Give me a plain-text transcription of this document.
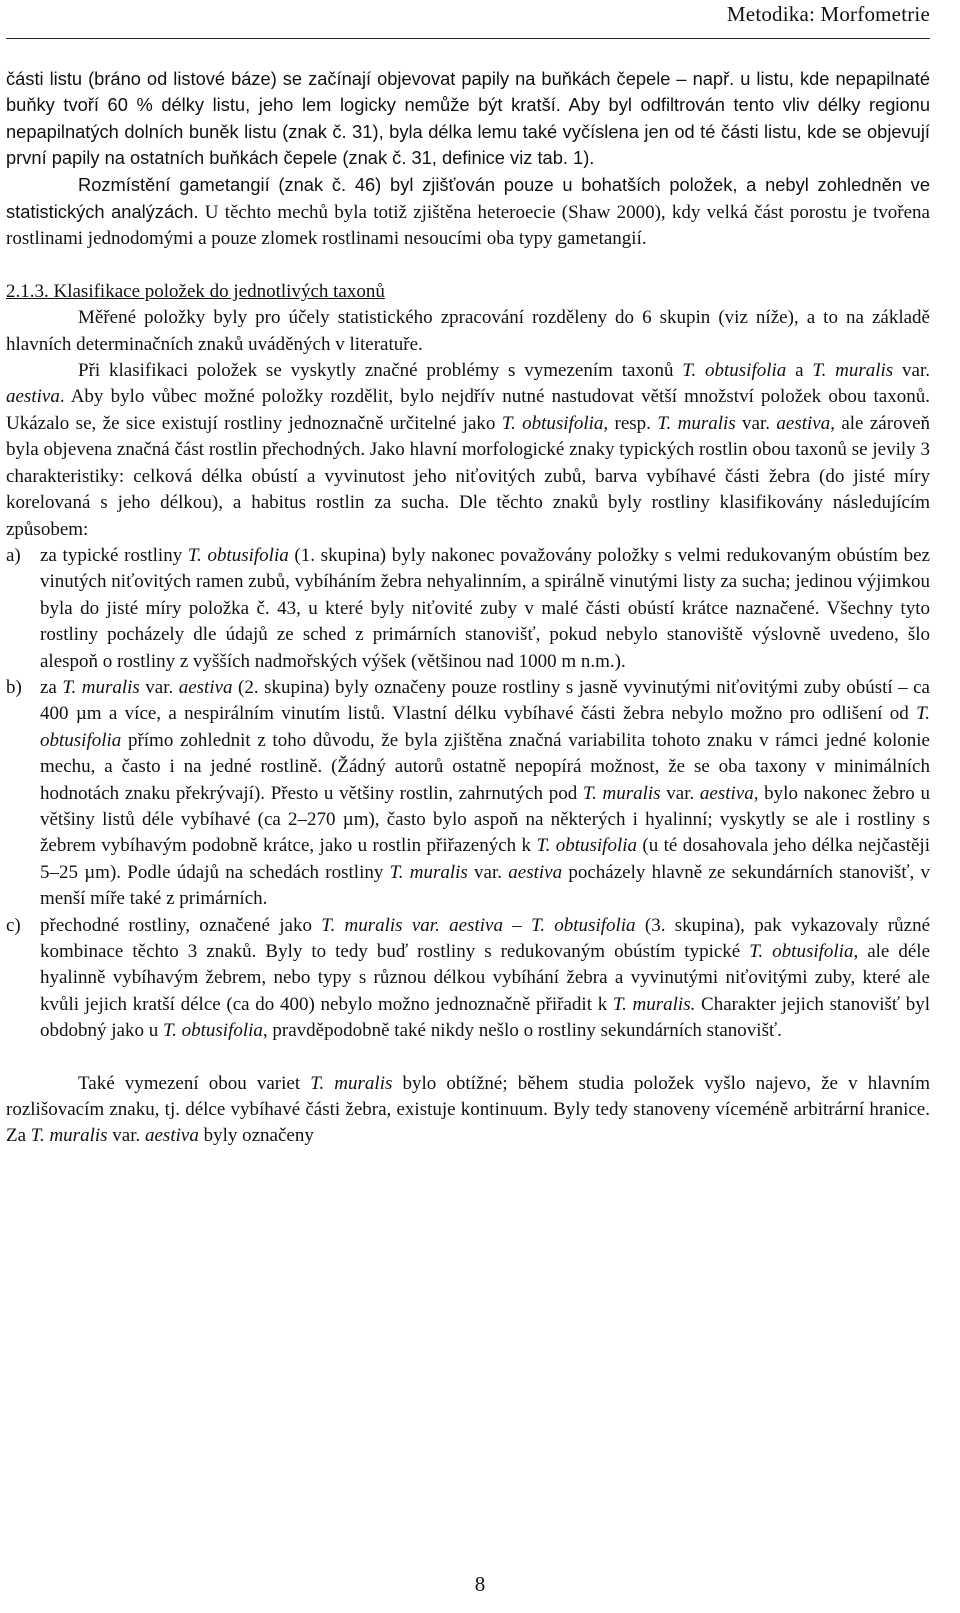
Metodika: Morfometrie

části listu (bráno od listové báze) se začínají objevovat papily na buňkách čepele – např. u listu, kde nepapilnaté buňky tvoří 60 % délky listu, jeho lem logicky nemůže být kratší. Aby byl odfiltrován tento vliv délky regionu nepapilnatých dolních buněk listu (znak č. 31), byla délka lemu také vyčíslena jen od té části listu, kde se objevují první papily na ostatních buňkách čepele (znak č. 31, definice viz tab. 1).

Rozmístění gametangií (znak č. 46) byl zjišťován pouze u bohatších položek, a nebyl zohledněn ve statistických analýzách. U těchto mechů byla totiž zjištěna heteroecie (Shaw 2000), kdy velká část porostu je tvořena rostlinami jednodomými a pouze zlomek rostlinami nesoucími oba typy gametangií.

2.1.3. Klasifikace položek do jednotlivých taxonů

Měřené položky byly pro účely statistického zpracování rozděleny do 6 skupin (viz níže), a to na základě hlavních determinačních znaků uváděných v literatuře.

Při klasifikaci položek se vyskytly značné problémy s vymezením taxonů T. obtusifolia a T. muralis var. aestiva. Aby bylo vůbec možné položky rozdělit, bylo nejdřív nutné nastudovat větší množství položek obou taxonů. Ukázalo se, že sice existují rostliny jednoznačně určitelné jako T. obtusifolia, resp. T. muralis var. aestiva, ale zároveň byla objevena značná část rostlin přechodných. Jako hlavní morfologické znaky typických rostlin obou taxonů se jevily 3 charakteristiky: celková délka obústí a vyvinutost jeho niťovitých zubů, barva vybíhavé části žebra (do jisté míry korelovaná s jeho délkou), a habitus rostlin za sucha. Dle těchto znaků byly rostliny klasifikovány následujícím způsobem:

a)	za typické rostliny T. obtusifolia (1. skupina) byly nakonec považovány položky s velmi redukovaným obústím bez vinutých niťovitých ramen zubů, vybíháním žebra nehyalinním, a spirálně vinutými listy za sucha; jedinou výjimkou byla do jisté míry položka č. 43, u které byly niťovité zuby v malé části obústí krátce naznačené. Všechny tyto rostliny pocházely dle údajů ze sched z primárních stanovišť, pokud nebylo stanoviště výslovně uvedeno, šlo alespoň o rostliny z vyšších nadmořských výšek (většinou nad 1000 m n.m.).

b) za T. muralis var. aestiva (2. skupina) byly označeny pouze rostliny s jasně vyvinutými niťovitými zuby obústí – ca 400 µm a více, a nespirálním vinutím listů. Vlastní délku vybíhavé části žebra nebylo možno pro odlišení od T. obtusifolia přímo zohlednit z toho důvodu, že byla zjištěna značná variabilita tohoto znaku v rámci jedné kolonie mechu, a často i na jedné rostlině. (Žádný autorů ostatně nepopírá možnost, že se oba taxony v minimálních hodnotách znaku překrývají). Přesto u většiny rostlin, zahrnutých pod T. muralis var. aestiva, bylo nakonec žebro u většiny listů déle vybíhavé (ca 2–270 µm), často bylo aspoň na některých i hyalinní; vyskytly se ale i rostliny s žebrem vybíhavým podobně krátce, jako u rostlin přiřazených k T. obtusifolia (u té dosahovala jeho délka nejčastěji 5–25 µm). Podle údajů na schedách rostliny T. muralis var. aestiva pocházely hlavně ze sekundárních stanovišť, v menší míře také z primárních.

c)	přechodné rostliny, označené jako T. muralis var. aestiva – T. obtusifolia (3. skupina), pak vykazovaly různé kombinace těchto 3 znaků. Byly to tedy buď rostliny s redukovaným obústím typické T. obtusifolia, ale déle hyalinně vybíhavým žebrem, nebo typy s různou délkou vybíhání žebra a vyvinutými niťovitými zuby, které ale kvůli jejich kratší délce (ca do 400) nebylo možno jednoznačně přiřadit k T. muralis. Charakter jejich stanovišť byl obdobný jako u T. obtusifolia, pravděpodobně také nikdy nešlo o rostliny sekundárních stanovišť.

Také vymezení obou variet T. muralis bylo obtížné; během studia položek vyšlo najevo, že v hlavním rozlišovacím znaku, tj. délce vybíhavé části žebra, existuje kontinuum. Byly tedy stanoveny víceméně arbitrární hranice. Za T. muralis var. aestiva byly označeny

8
